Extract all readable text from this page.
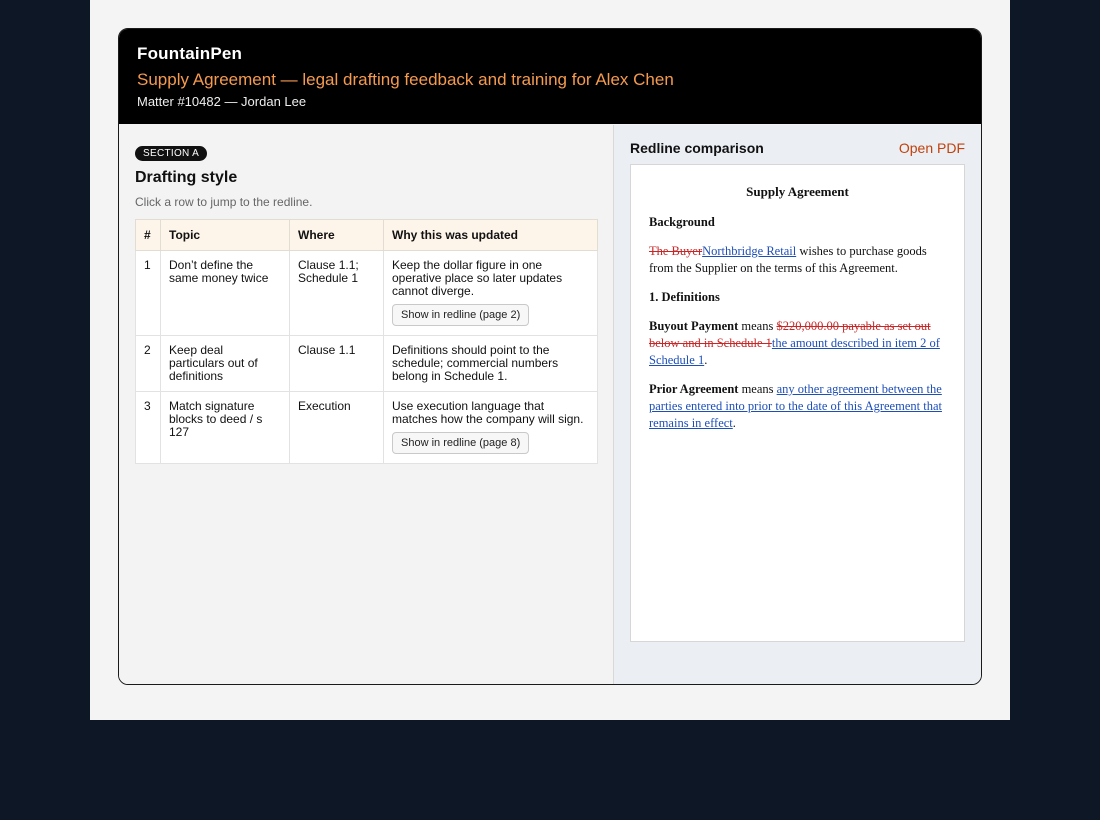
FountainPen
Supply Agreement — legal drafting feedback and training for Alex Chen
Matter #10482 — Jordan Lee
SECTION A
Drafting style
Click a row to jump to the redline.
#	Topic	Where	Why this was updated
1	Don’t define the same money twice	Clause 1.1; Schedule 1	Keep the dollar figure in one operative place so later updates cannot diverge.
Show in redline (page 2)
2	Keep deal particulars out of definitions	Clause 1.1	Definitions should point to the schedule; commercial numbers belong in Schedule 1.

3	Match signature blocks to deed / s 127	Execution	Use execution language that matches how the company will sign.
Show in redline (page 8)
Redline comparison	Open PDF
Supply Agreement
Background

The BuyerNorthbridge Retail wishes to purchase goods from the Supplier on the terms of this Agreement.

1. Definitions

Buyout Payment means $220,000.00 payable as set out below and in Schedule 1the amount described in item 2 of Schedule 1.

Prior Agreement means any other agreement between the parties entered into prior to the date of this Agreement that remains in effect.
